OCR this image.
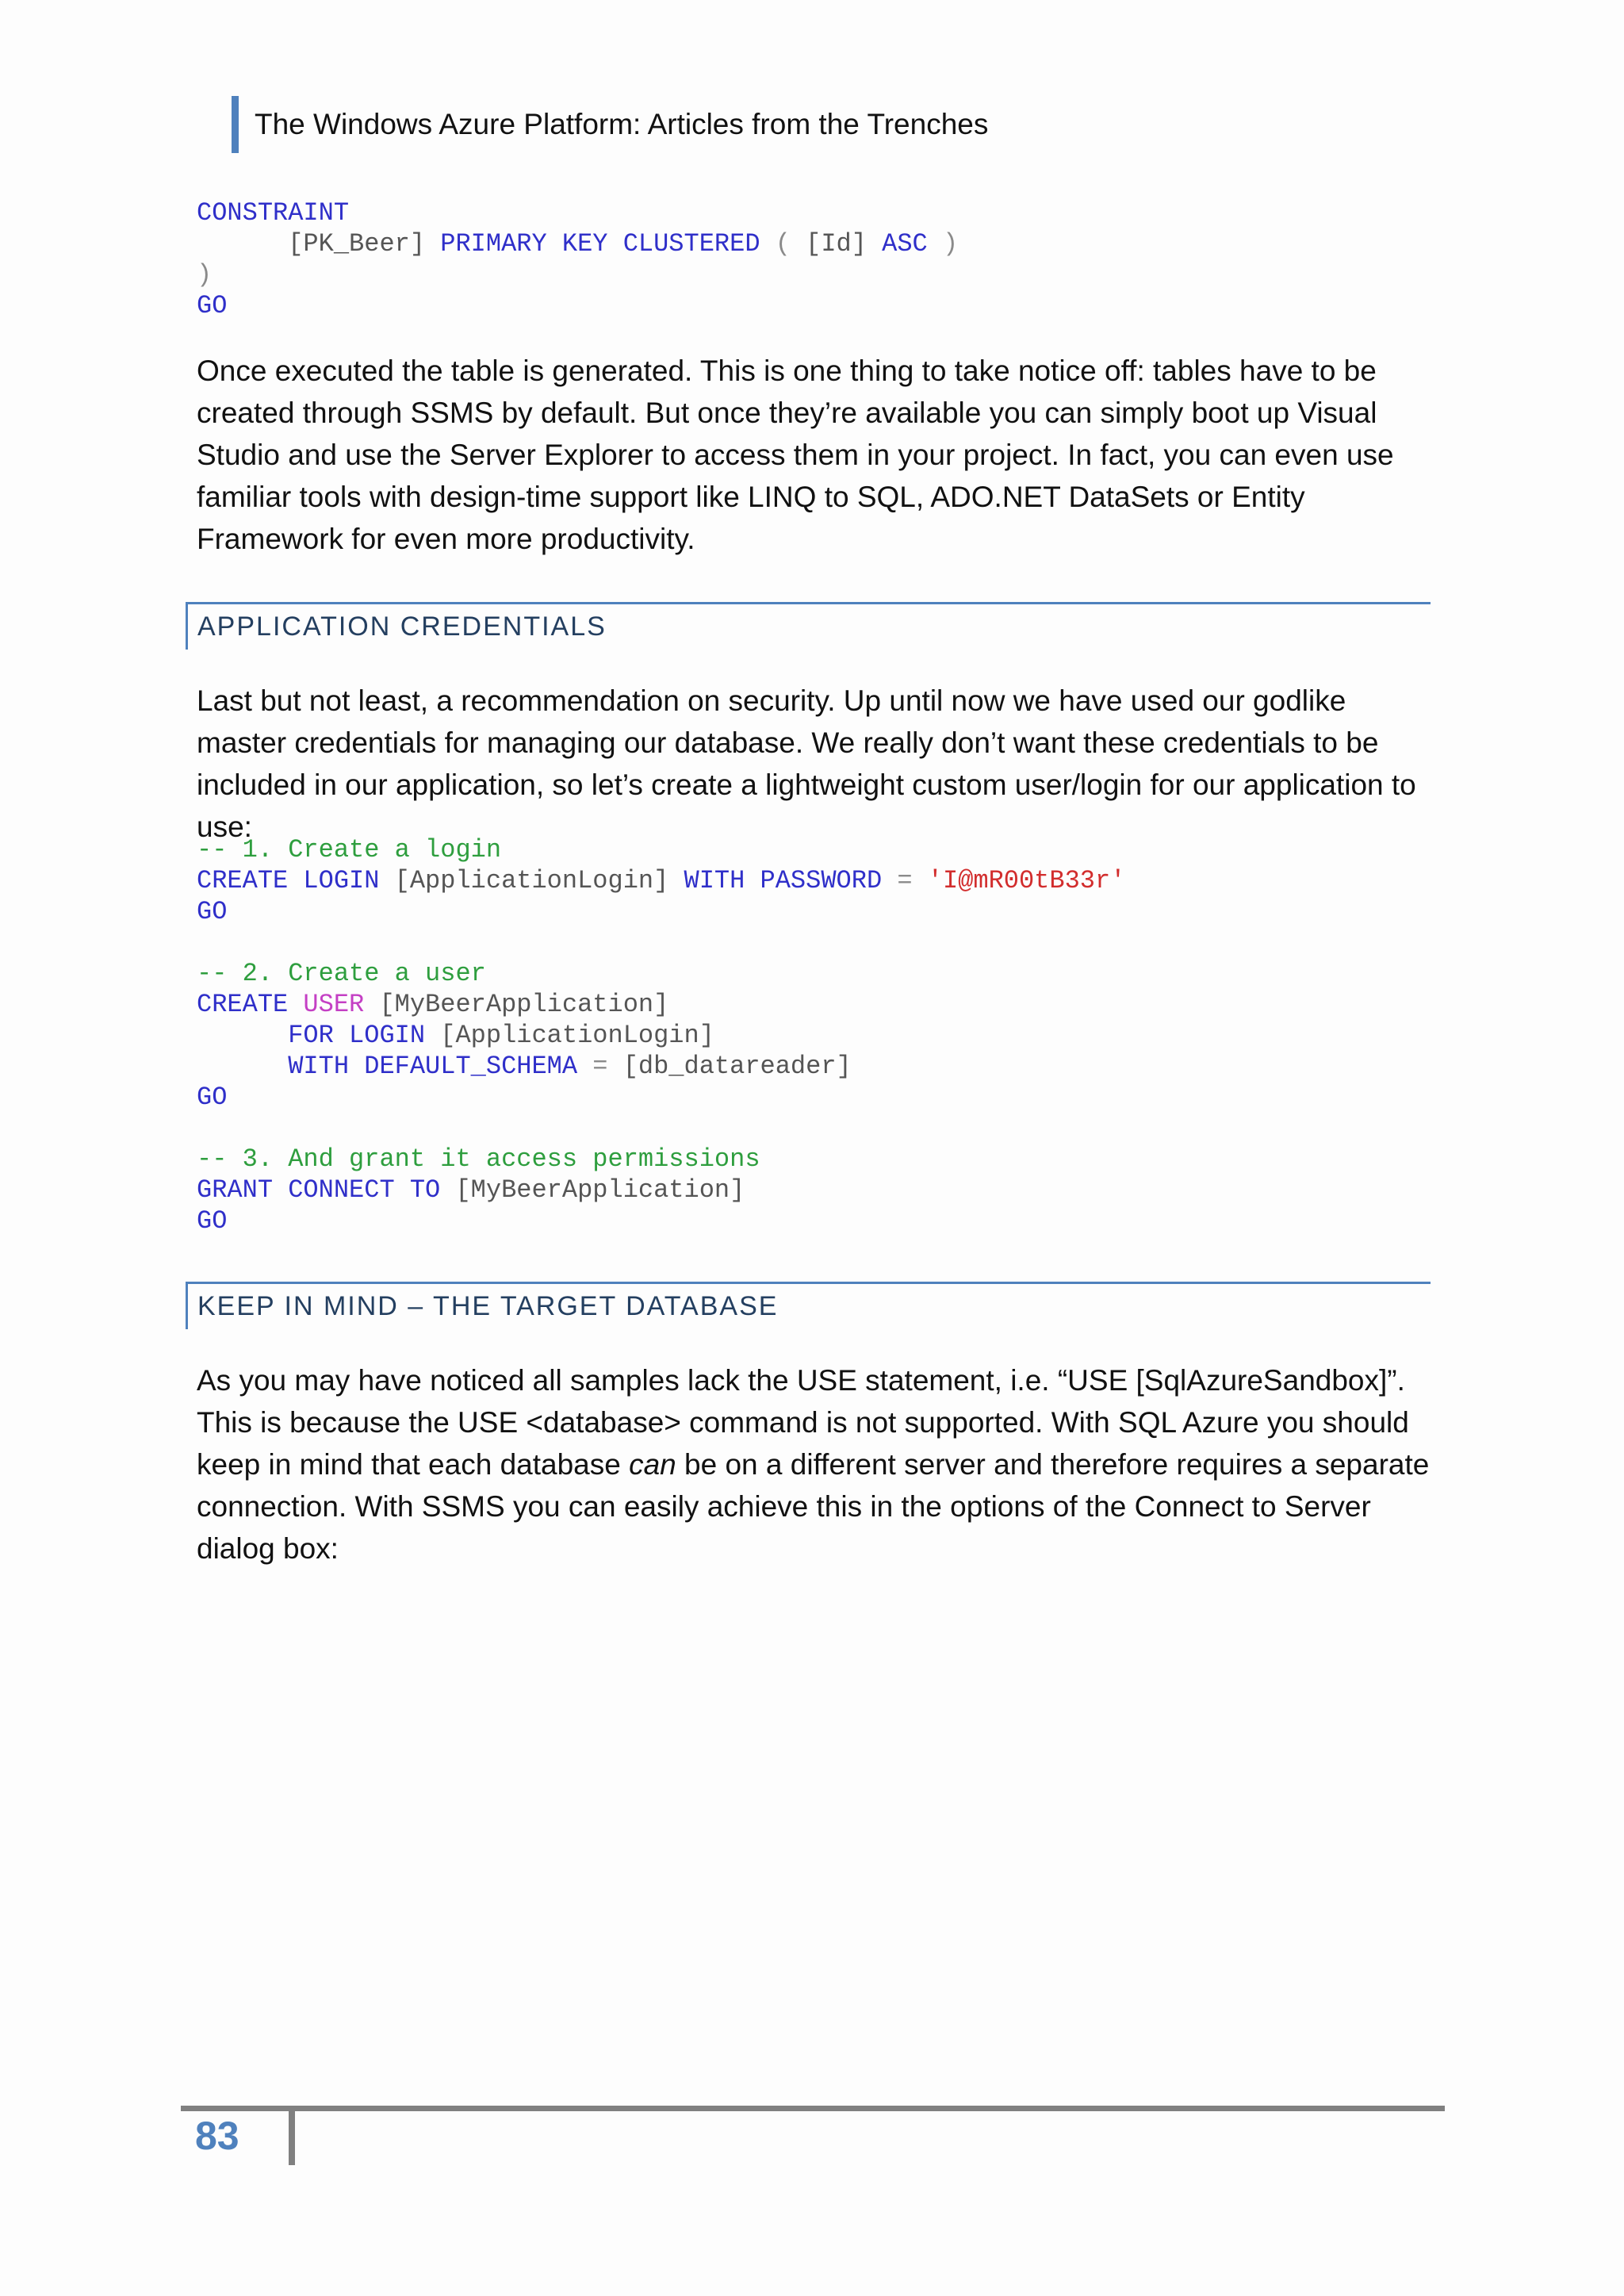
The Windows Azure Platform: Articles from the Trenches
CONSTRAINT
[PK_Beer] PRIMARY KEY CLUSTERED ( [Id] ASC )
)
GO

Once executed the table is generated. This is one thing to take notice off: tables have to be created through SSMS by default. But once they’re available you can simply boot up Visual Studio and use the Server Explorer to access them in your project. In fact, you can even use familiar tools with design-time support like LINQ to SQL, ADO.NET DataSets or Entity Framework for even more productivity.

APPLICATION CREDENTIALS

Last but not least, a recommendation on security. Up until now we have used our godlike master credentials for managing our database. We really don’t want these credentials to be included in our application, so let’s create a lightweight custom user/login for our application to use:

-- 1. Create a login
CREATE LOGIN [ApplicationLogin] WITH PASSWORD = 'I@mR00tB33r'
GO
-- 2. Create a user
CREATE USER [MyBeerApplication]
FOR LOGIN [ApplicationLogin]
WITH DEFAULT_SCHEMA = [db_datareader]
GO
-- 3. And grant it access permissions
GRANT CONNECT TO [MyBeerApplication]
GO
KEEP IN MIND – THE TARGET DATABASE

As you may have noticed all samples lack the USE statement, i.e. “USE [SqlAzureSandbox]”. This is because the USE <database> command is not supported. With SQL Azure you should keep in mind that each database can be on a different server and therefore requires a separate connection. With SSMS you can easily achieve this in the options of the Connect to Server dialog box:

83
